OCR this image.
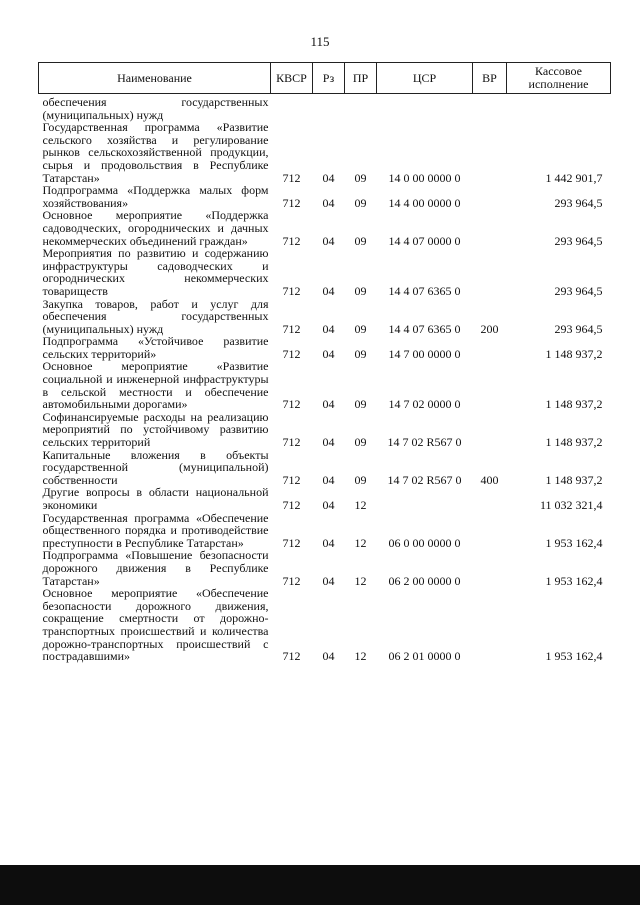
115
Наименование	КВСР	Рз	ПР	ЦСР	ВР	Кассовое исполнение
обеспечения государственных (муниципальных) нужд						
Государственная программа «Развитие сельского хозяйства и регулирование рынков сельскохозяйственной продукции, сырья и продовольствия в Республике Татарстан»	712	04	09	14 0 00 0000 0		1 442 901,7
Подпрограмма «Поддержка малых форм хозяйствования»	712	04	09	14 4 00 0000 0		293 964,5
Основное мероприятие «Поддержка садоводческих, огороднических и дачных некоммерческих объединений граждан»	712	04	09	14 4 07 0000 0		293 964,5
Мероприятия по развитию и содержанию инфраструктуры садоводческих и огороднических некоммерческих товариществ	712	04	09	14 4 07 6365 0		293 964,5
Закупка товаров, работ и услуг для обеспечения государственных (муниципальных) нужд	712	04	09	14 4 07 6365 0	200	293 964,5
Подпрограмма «Устойчивое развитие сельских территорий»	712	04	09	14 7 00 0000 0		1 148 937,2
Основное мероприятие «Развитие социальной и инженерной инфраструктуры в сельской местности и обеспечение автомобильными дорогами»	712	04	09	14 7 02 0000 0		1 148 937,2
Софинансируемые расходы на реализацию мероприятий по устойчивому развитию сельских территорий	712	04	09	14 7 02 R567 0		1 148 937,2
Капитальные вложения в объекты государственной (муниципальной) собственности	712	04	09	14 7 02 R567 0	400	1 148 937,2
Другие вопросы в области национальной экономики	712	04	12			11 032 321,4
Государственная программа «Обеспечение общественного порядка и противодействие преступности в Республике Татарстан»	712	04	12	06 0 00 0000 0		1 953 162,4
Подпрограмма «Повышение безопасности дорожного движения в Республике Татарстан»	712	04	12	06 2 00 0000 0		1 953 162,4
Основное мероприятие «Обеспечение безопасности дорожного движения, сокращение смертности от дорожно-транспортных происшествий и количества дорожно-транспортных происшествий с пострадавшими»	712	04	12	06 2 01 0000 0		1 953 162,4
